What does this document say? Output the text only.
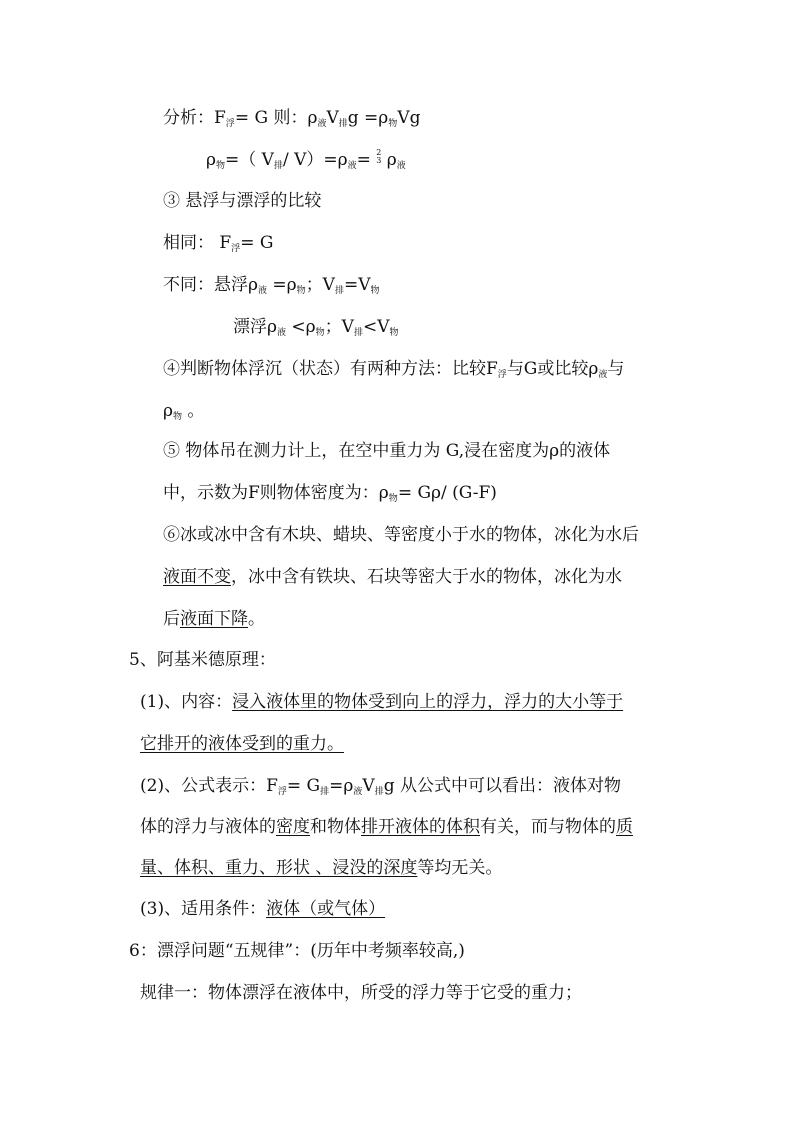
分析：$F_浮= G$ 则：$\rho_液V_排g =\rho_物Vg$
$\rho_物=$（ $V_排/$ $V)=\rho_液= 2$
3 $\rho_液$
③ 悬浮与漂浮的比较
相同： $F_浮= G$
不同：悬浮$\rho_液 =\rho_物$；$V_排=V_物$
漂浮$\rho_液 <\rho_物$；$V_排<V_物$
④判断物体浮沉（状态）有两种方法：比较$F_浮$与G或比较$\rho_液$与
$\rho_物$ 。
⑤ 物体吊在测力计上，在空中重力为 G,浸在密度为ρ的液体
中，示数为F则物体密度为：$\rho_物= G\rho/$ (G-F)
⑥冰或冰中含有木块、蜡块、等密度小于水的物体，冰化为水后
液面不变，冰中含有铁块、石块等密大于水的物体，冰化为水
后液面下降。
5、阿基米德原理：
(1)、内容：浸入液体里的物体受到向上的浮力，浮力的大小等于
它排开的液体受到的重力。
(2)、公式表示：$F_浮= G_排=\rho_液V_排g$ 从公式中可以看出：液体对物
体的浮力与液体的密度和物体排开液体的体积有关，而与物体的质
量、体积、重力、形状 、浸没的深度等均无关。
(3)、适用条件：液体（或气体）
6：漂浮问题“五规律”：(历年中考频率较高,)
规律一：物体漂浮在液体中，所受的浮力等于它受的重力；
